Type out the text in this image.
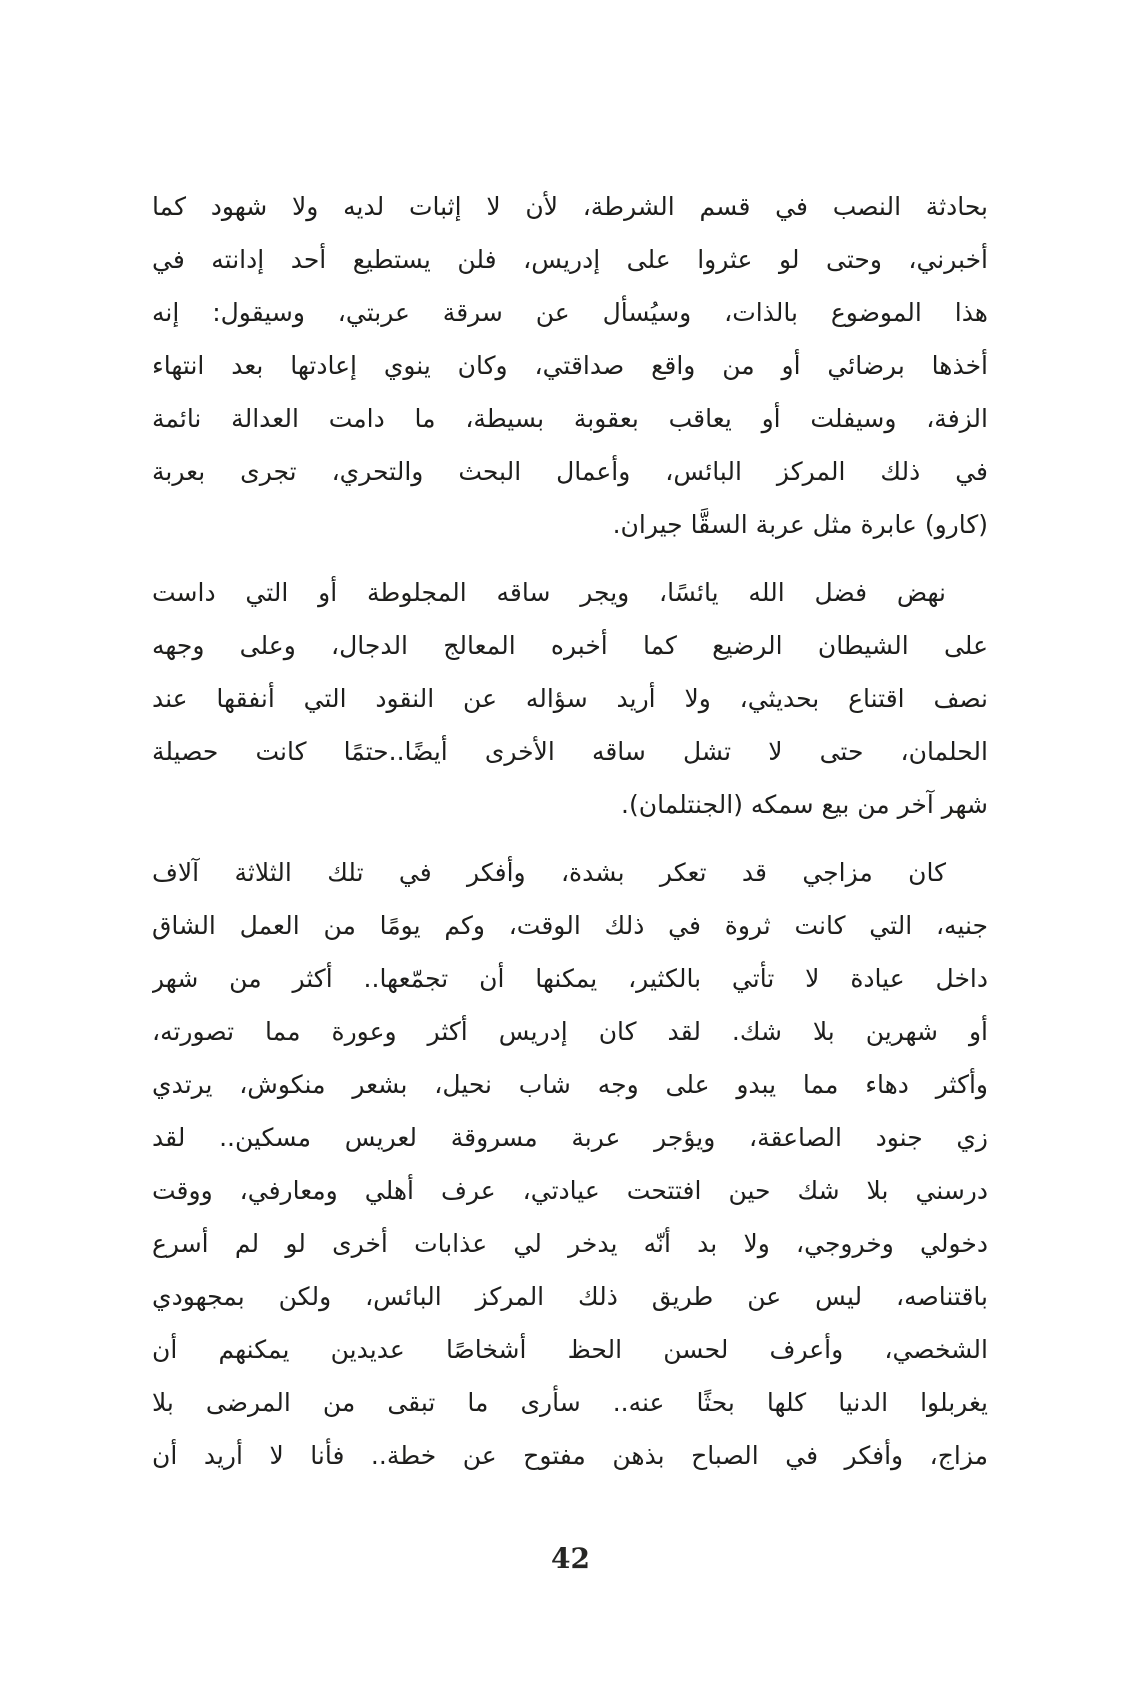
بحادثة النصب في قسم الشرطة، لأن لا إثبات لديه ولا شهود كما
أخبرني، وحتى لو عثروا على إدريس، فلن يستطيع أحد إدانته في
هذا الموضوع بالذات، وسيُسأل عن سرقة عربتي، وسيقول: إنه
أخذها برضائي أو من واقع صداقتي، وكان ينوي إعادتها بعد انتهاء
الزفة، وسيفلت أو يعاقب بعقوبة بسيطة، ما دامت العدالة نائمة
في ذلك المركز البائس، وأعمال البحث والتحري، تجرى بعربة
(كارو) عابرة مثل عربة السقَّا جيران.
نهض فضل الله يائسًا، ويجر ساقه المجلوطة أو التي داست
على الشيطان الرضيع كما أخبره المعالج الدجال، وعلى وجهه
نصف اقتناع بحديثي، ولا أريد سؤاله عن النقود التي أنفقها عند
الحلمان، حتى لا تشل ساقه الأخرى أيضًا..حتمًا كانت حصيلة
شهر آخر من بيع سمكه (الجنتلمان).
كان مزاجي قد تعكر بشدة، وأفكر في تلك الثلاثة آلاف
جنيه، التي كانت ثروة في ذلك الوقت، وكم يومًا من العمل الشاق
داخل عيادة لا تأتي بالكثير، يمكنها أن تجمّعها.. أكثر من شهر
أو شهرين بلا شك. لقد كان إدريس أكثر وعورة مما تصورته،
وأكثر دهاء مما يبدو على وجه شاب نحيل، بشعر منكوش، يرتدي
زي جنود الصاعقة، ويؤجر عربة مسروقة لعريس مسكين.. لقد
درسني بلا شك حين افتتحت عيادتي، عرف أهلي ومعارفي، ووقت
دخولي وخروجي، ولا بد أنّه يدخر لي عذابات أخرى لو لم أسرع
باقتناصه، ليس عن طريق ذلك المركز البائس، ولكن بمجهودي
الشخصي، وأعرف لحسن الحظ أشخاصًا عديدين يمكنهم أن
يغربلوا الدنيا كلها بحثًا عنه.. سأرى ما تبقى من المرضى بلا
مزاج، وأفكر في الصباح بذهن مفتوح عن خطة.. فأنا لا أريد أن
42
